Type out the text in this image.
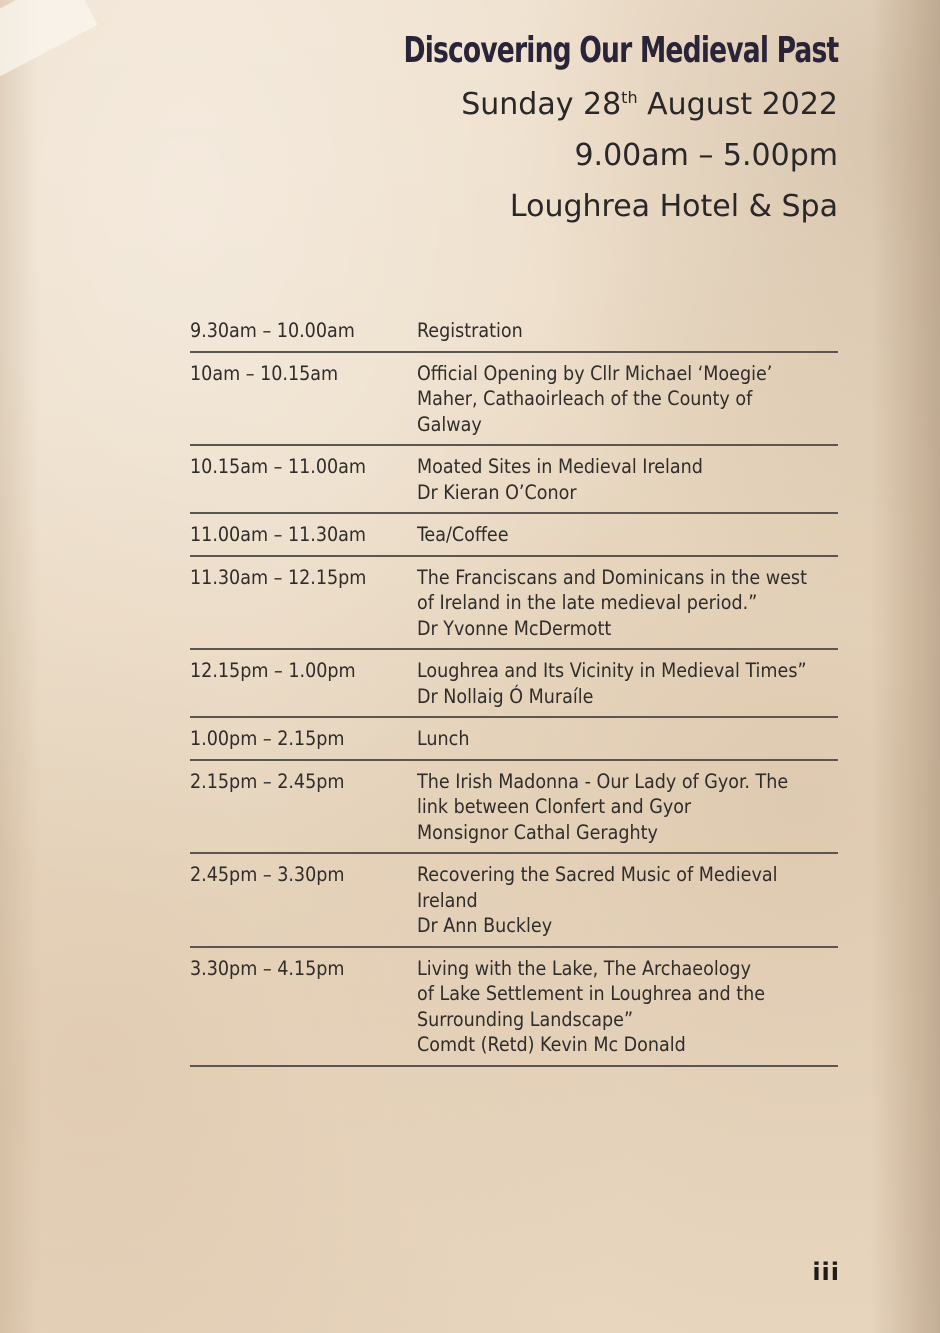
Discovering Our Medieval Past
Sunday 28th August 2022
9.00am – 5.00pm
Loughrea Hotel & Spa
9.30am – 10.00am	Registration
10am – 10.15am	Official Opening by Cllr Michael ‘Moegie’
Maher, Cathaoirleach of the County of
Galway
10.15am – 11.00am	Moated Sites in Medieval Ireland
Dr Kieran O’Conor
11.00am – 11.30am	Tea/Coffee
11.30am – 12.15pm	The Franciscans and Dominicans in the west
of Ireland in the late medieval period.”
Dr Yvonne McDermott
12.15pm – 1.00pm	Loughrea and Its Vicinity in Medieval Times”
Dr Nollaig Ó Muraíle
1.00pm – 2.15pm	Lunch
2.15pm – 2.45pm	The Irish Madonna - Our Lady of Gyor. The
link between Clonfert and Gyor
Monsignor Cathal Geraghty
2.45pm – 3.30pm	Recovering the Sacred Music of Medieval
Ireland
Dr Ann Buckley
3.30pm – 4.15pm	Living with the Lake, The Archaeology
of Lake Settlement in Loughrea and the
Surrounding Landscape”
Comdt (Retd) Kevin Mc Donald
iii
